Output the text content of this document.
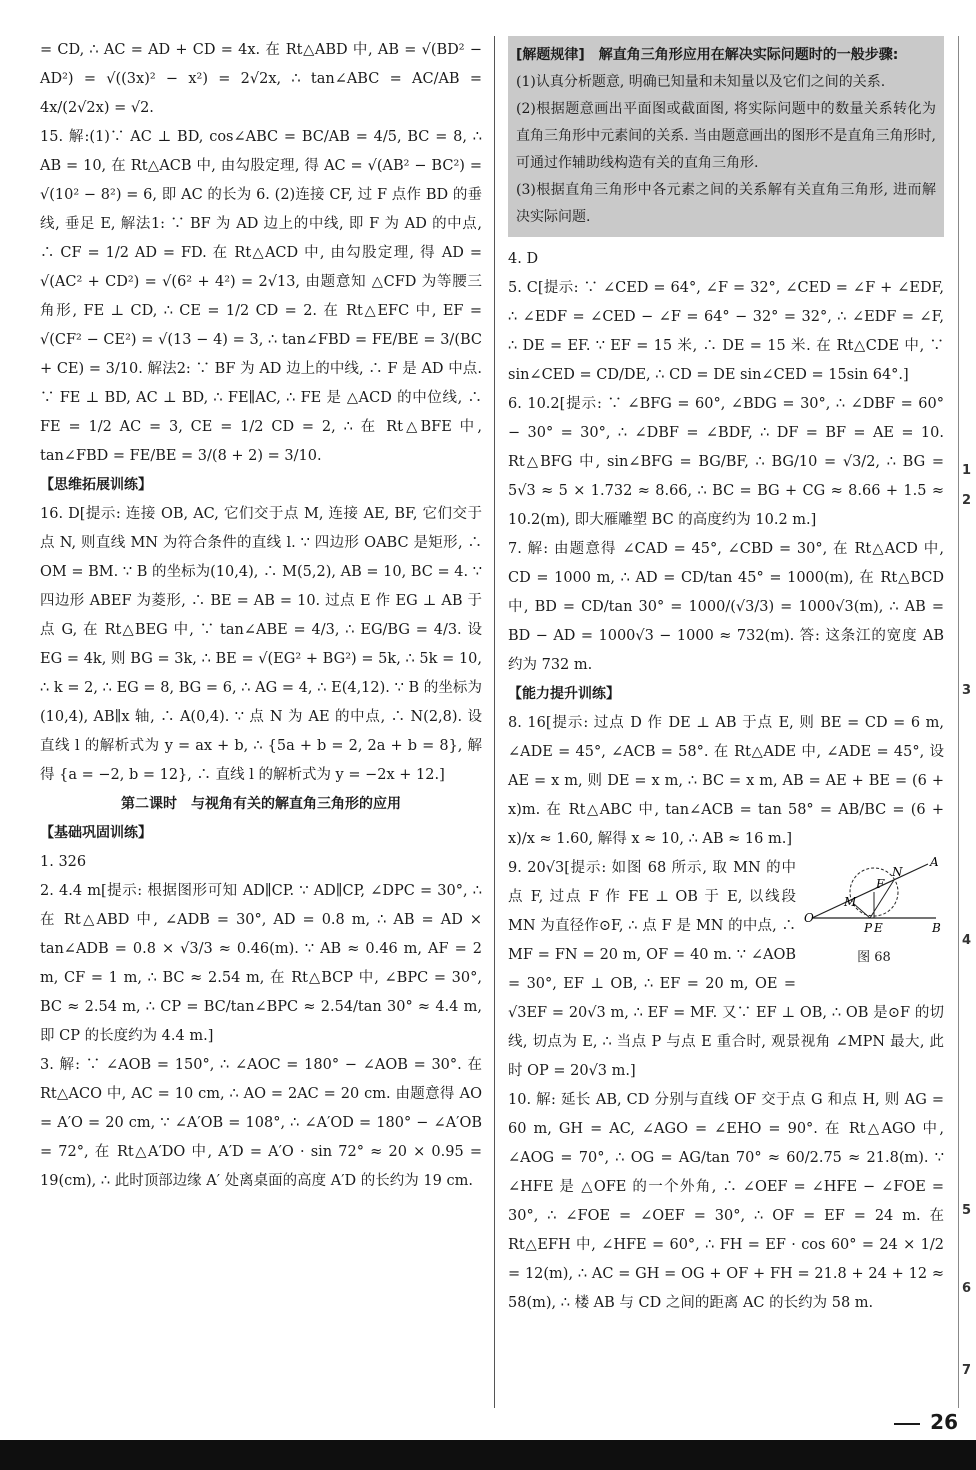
= CD, ∴ AC = AD + CD = 4x. 在 Rt△ABD 中, AB = √(BD² − AD²) = √((3x)² − x²) = 2√2x, ∴ tan∠ABC = AC/AB = 4x/(2√2x) = √2.

15. 解:(1)∵ AC ⊥ BD, cos∠ABC = BC/AB = 4/5, BC = 8, ∴ AB = 10, 在 Rt△ACB 中, 由勾股定理, 得 AC = √(AB² − BC²) = √(10² − 8²) = 6, 即 AC 的长为 6. (2)连接 CF, 过 F 点作 BD 的垂线, 垂足 E, 解法1: ∵ BF 为 AD 边上的中线, 即 F 为 AD 的中点, ∴ CF = 1/2 AD = FD. 在 Rt△ACD 中, 由勾股定理, 得 AD = √(AC² + CD²) = √(6² + 4²) = 2√13, 由题意知 △CFD 为等腰三角形, FE ⊥ CD, ∴ CE = 1/2 CD = 2. 在 Rt△EFC 中, EF = √(CF² − CE²) = √(13 − 4) = 3, ∴ tan∠FBD = FE/BE = 3/(BC + CE) = 3/10. 解法2: ∵ BF 为 AD 边上的中线, ∴ F 是 AD 中点. ∵ FE ⊥ BD, AC ⊥ BD, ∴ FE∥AC, ∴ FE 是 △ACD 的中位线, ∴ FE = 1/2 AC = 3, CE = 1/2 CD = 2, ∴ 在 Rt△BFE 中, tan∠FBD = FE/BE = 3/(8 + 2) = 3/10.

【思维拓展训练】

16. D[提示: 连接 OB, AC, 它们交于点 M, 连接 AE, BF, 它们交于点 N, 则直线 MN 为符合条件的直线 l. ∵ 四边形 OABC 是矩形, ∴ OM = BM. ∵ B 的坐标为(10,4), ∴ M(5,2), AB = 10, BC = 4. ∵ 四边形 ABEF 为菱形, ∴ BE = AB = 10. 过点 E 作 EG ⊥ AB 于点 G, 在 Rt△BEG 中, ∵ tan∠ABE = 4/3, ∴ EG/BG = 4/3. 设 EG = 4k, 则 BG = 3k, ∴ BE = √(EG² + BG²) = 5k, ∴ 5k = 10, ∴ k = 2, ∴ EG = 8, BG = 6, ∴ AG = 4, ∴ E(4,12). ∵ B 的坐标为(10,4), AB∥x 轴, ∴ A(0,4). ∵ 点 N 为 AE 的中点, ∴ N(2,8). 设直线 l 的解析式为 y = ax + b, ∴ {5a + b = 2, 2a + b = 8}, 解得 {a = −2, b = 12}, ∴ 直线 l 的解析式为 y = −2x + 12.]

第二课时　与视角有关的解直角三角形的应用

【基础巩固训练】

1. 326

2. 4.4 m[提示: 根据图形可知 AD∥CP. ∵ AD∥CP, ∠DPC = 30°, ∴ 在 Rt△ABD 中, ∠ADB = 30°, AD = 0.8 m, ∴ AB = AD × tan∠ADB = 0.8 × √3/3 ≈ 0.46(m). ∵ AB ≈ 0.46 m, AF = 2 m, CF = 1 m, ∴ BC ≈ 2.54 m, 在 Rt△BCP 中, ∠BPC = 30°, BC ≈ 2.54 m, ∴ CP = BC/tan∠BPC ≈ 2.54/tan 30° ≈ 4.4 m, 即 CP 的长度约为 4.4 m.]

3. 解: ∵ ∠AOB = 150°, ∴ ∠AOC = 180° − ∠AOB = 30°. 在 Rt△ACO 中, AC = 10 cm, ∴ AO = 2AC = 20 cm. 由题意得 AO = A′O = 20 cm, ∵ ∠A′OB = 108°, ∴ ∠A′OD = 180° − ∠A′OB = 72°, 在 Rt△A′DO 中, A′D = A′O · sin 72° ≈ 20 × 0.95 = 19(cm), ∴ 此时顶部边缘 A′ 处离桌面的高度 A′D 的长约为 19 cm.

[解题规律]　解直角三角形应用在解决实际问题时的一般步骤:

(1)认真分析题意, 明确已知量和未知量以及它们之间的关系.

(2)根据题意画出平面图或截面图, 将实际问题中的数量关系转化为直角三角形中元素间的关系. 当由题意画出的图形不是直角三角形时, 可通过作辅助线构造有关的直角三角形.

(3)根据直角三角形中各元素之间的关系解有关直角三角形, 进而解决实际问题.

4. D

5. C[提示: ∵ ∠CED = 64°, ∠F = 32°, ∠CED = ∠F + ∠EDF, ∴ ∠EDF = ∠CED − ∠F = 64° − 32° = 32°, ∴ ∠EDF = ∠F, ∴ DE = EF. ∵ EF = 15 米, ∴ DE = 15 米. 在 Rt△CDE 中, ∵ sin∠CED = CD/DE, ∴ CD = DE sin∠CED = 15sin 64°.]

6. 10.2[提示: ∵ ∠BFG = 60°, ∠BDG = 30°, ∴ ∠DBF = 60° − 30° = 30°, ∴ ∠DBF = ∠BDF, ∴ DF = BF = AE = 10. Rt△BFG 中, sin∠BFG = BG/BF, ∴ BG/10 = √3/2, ∴ BG = 5√3 ≈ 5 × 1.732 ≈ 8.66, ∴ BC = BG + CG ≈ 8.66 + 1.5 ≈ 10.2(m), 即大雁雕塑 BC 的高度约为 10.2 m.]

7. 解: 由题意得 ∠CAD = 45°, ∠CBD = 30°, 在 Rt△ACD 中, CD = 1000 m, ∴ AD = CD/tan 45° = 1000(m), 在 Rt△BCD 中, BD = CD/tan 30° = 1000/(√3/3) = 1000√3(m), ∴ AB = BD − AD = 1000√3 − 1000 ≈ 732(m). 答: 这条江的宽度 AB 约为 732 m.

【能力提升训练】

8. 16[提示: 过点 D 作 DE ⊥ AB 于点 E, 则 BE = CD = 6 m, ∠ADE = 45°, ∠ACB = 58°. 在 Rt△ADE 中, ∠ADE = 45°, 设 AE = x m, 则 DE = x m, ∴ BC = x m, AB = AE + BE = (6 + x)m. 在 Rt△ABC 中, tan∠ACB = tan 58° = AB/BC = (6 + x)/x ≈ 1.60, 解得 x ≈ 10, ∴ AB ≈ 16 m.]

A
N
F
M
O
P E	B
图 68

9. 20√3[提示: 如图 68 所示, 取 MN 的中点 F, 过点 F 作 FE ⊥ OB 于 E, 以线段 MN 为直径作⊙F, ∴ 点 F 是 MN 的中点, ∴ MF = FN = 20 m, OF = 40 m. ∵ ∠AOB = 30°, EF ⊥ OB, ∴ EF = 20 m, OE = √3EF = 20√3 m, ∴ EF = MF. 又∵ EF ⊥ OB, ∴ OB 是⊙F 的切线, 切点为 E, ∴ 当点 P 与点 E 重合时, 观景视角 ∠MPN 最大, 此时 OP = 20√3 m.]

10. 解: 延长 AB, CD 分别与直线 OF 交于点 G 和点 H, 则 AG = 60 m, GH = AC, ∠AGO = ∠EHO = 90°. 在 Rt△AGO 中, ∠AOG = 70°, ∴ OG = AG/tan 70° ≈ 60/2.75 ≈ 21.8(m). ∵ ∠HFE 是 △OFE 的一个外角, ∴ ∠OEF = ∠HFE − ∠FOE = 30°, ∴ ∠FOE = ∠OEF = 30°, ∴ OF = EF = 24 m. 在 Rt△EFH 中, ∠HFE = 60°, ∴ FH = EF · cos 60° = 24 × 1/2 = 12(m), ∴ AC = GH = OG + OF + FH = 21.8 + 24 + 12 ≈ 58(m), ∴ 楼 AB 与 CD 之间的距离 AC 的长约为 58 m.

1
2
3
4
5
6
7
26
